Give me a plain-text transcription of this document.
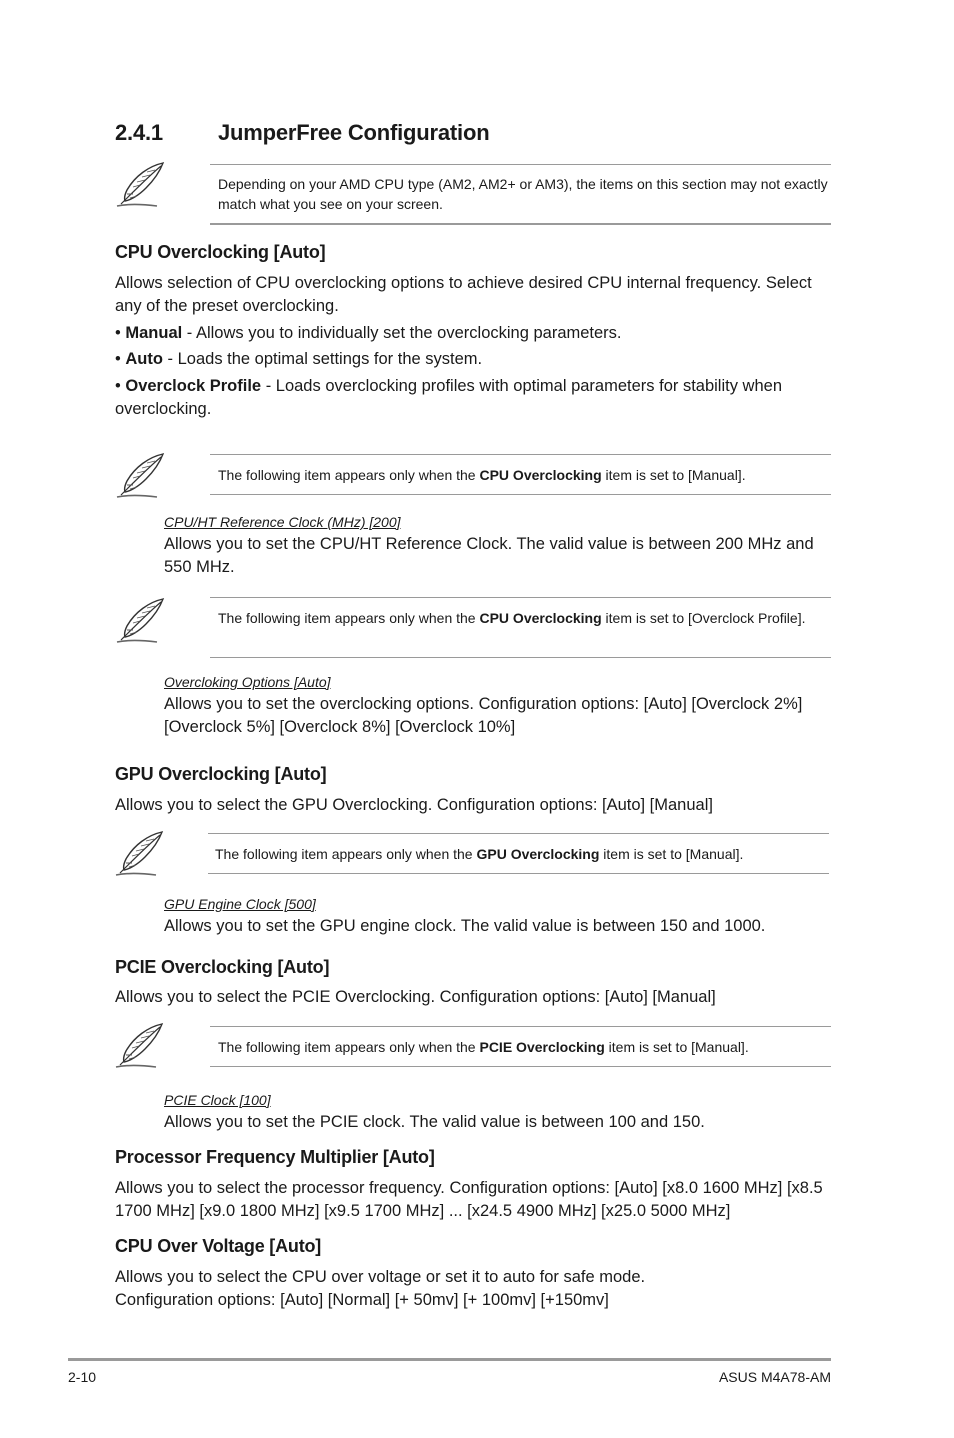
2.4.1	JumperFree Configuration
Depending on your AMD CPU type (AM2, AM2+ or AM3), the items on this section may not exactly match what you see on your screen.
CPU Overclocking [Auto]
Allows selection of CPU overclocking options to achieve desired CPU internal frequency. Select any of the preset overclocking.
• Manual - Allows you to individually set the overclocking parameters.
• Auto - Loads the optimal settings for the system.
• Overclock Profile - Loads overclocking profiles with optimal parameters for stability when overclocking.
The following item appears only when the CPU Overclocking item is set to [Manual].
CPU/HT Reference Clock (MHz) [200]
Allows you to set the CPU/HT Reference Clock. The valid value is between 200 MHz and 550 MHz.
The following item appears only when the CPU Overclocking item is set to [Overclock Profile].
Overcloking Options [Auto]
Allows you to set the overclocking options. Configuration options: [Auto] [Overclock 2%] [Overclock 5%] [Overclock 8%] [Overclock 10%]
GPU Overclocking [Auto]
Allows you to select the GPU Overclocking. Configuration options: [Auto] [Manual]
The following item appears only when the GPU Overclocking item is set to [Manual].
GPU Engine Clock [500]
Allows you to set the GPU engine clock. The valid value is between 150 and 1000.
PCIE Overclocking [Auto]
Allows you to select the PCIE Overclocking. Configuration options: [Auto] [Manual]
The following item appears only when the PCIE Overclocking item is set to [Manual].
PCIE Clock [100]
Allows you to set the PCIE clock. The valid value is between 100 and 150.
Processor Frequency Multiplier [Auto]
Allows you to select the processor frequency. Configuration options: [Auto] [x8.0 1600 MHz] [x8.5 1700 MHz] [x9.0 1800 MHz] [x9.5 1700 MHz] ... [x24.5 4900 MHz] [x25.0 5000 MHz]
CPU Over Voltage [Auto]
Allows you to select the CPU over voltage or set it to auto for safe mode.
Configuration options: [Auto] [Normal] [+ 50mv] [+ 100mv] [+150mv]
2-10	ASUS M4A78-AM
